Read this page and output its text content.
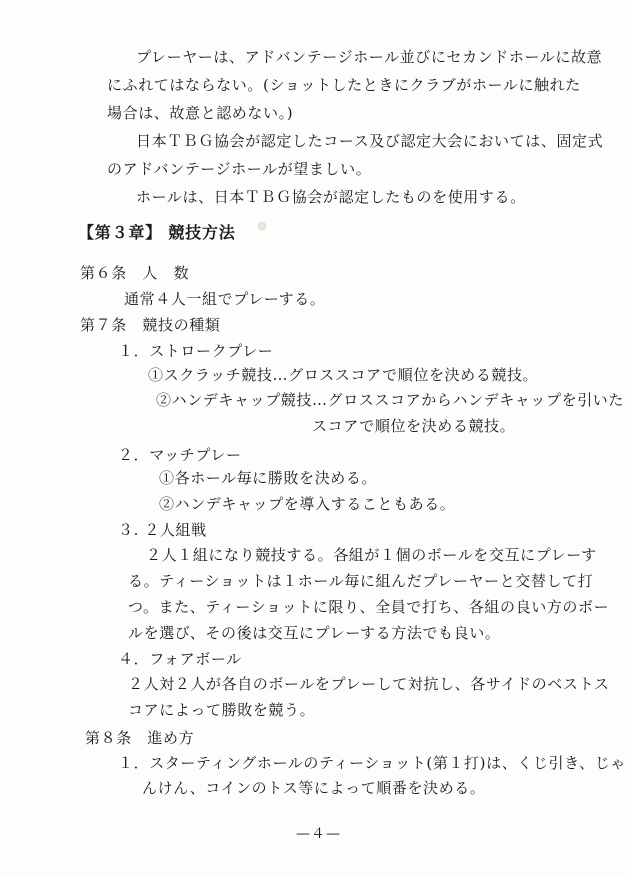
プレーヤーは、アドバンテージホール並びにセカンドホールに故意
にふれてはならない。(ショットしたときにクラブがホールに触れた
場合は、故意と認めない。)
日本ＴＢＧ協会が認定したコース及び認定大会においては、固定式
のアドバンテージホールが望ましい。
ホールは、日本ＴＢＧ協会が認定したものを使用する。
【第３章】 競技方法
第６条　人　数
通常４人一組でプレーする。
第７条　競技の種類
１．ストロークプレー
①スクラッチ競技…グロススコアで順位を決める競技。
②ハンデキャップ競技…グロススコアからハンデキャップを引いた
スコアで順位を決める競技。
２．マッチプレー
①各ホール毎に勝敗を決める。
②ハンデキャップを導入することもある。
３. ２人組戦
２人１組になり競技する。各組が１個のボールを交互にプレーす
る。ティーショットは１ホール毎に組んだプレーヤーと交替して打
つ。また、ティーショットに限り、全員で打ち、各組の良い方のボー
ルを選び、その後は交互にプレーする方法でも良い。
４．フォアボール
２人対２人が各自のボールをプレーして対抗し、各サイドのベストス
コアによって勝敗を競う。
第８条　進め方
１．スターティングホールのティーショット(第１打)は、くじ引き、じゃ
んけん、コインのトス等によって順番を決める。
—４—
